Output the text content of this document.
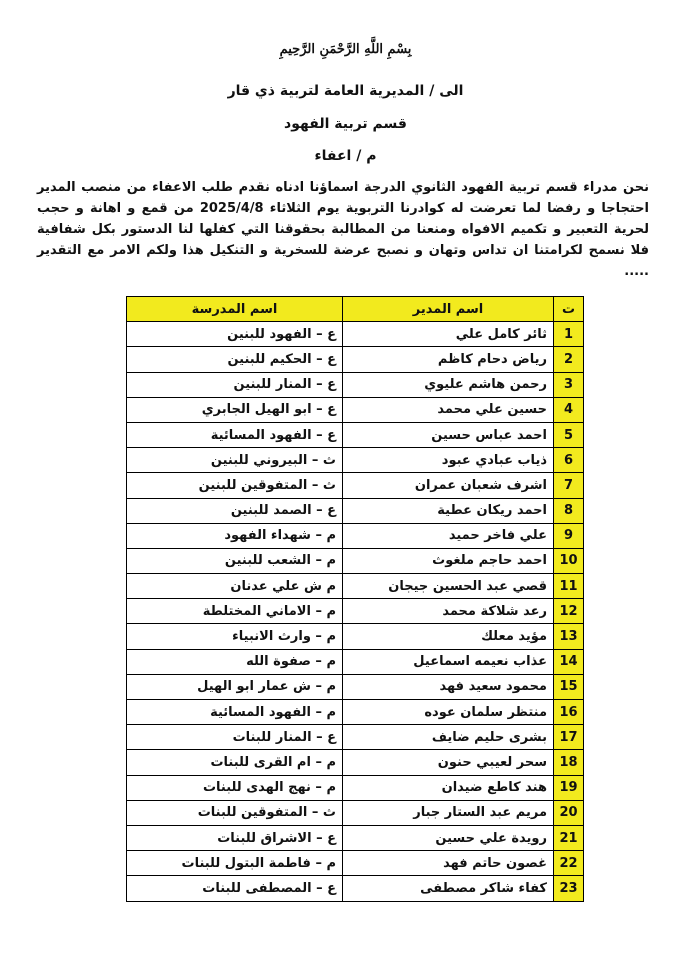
بِسْمِ اللَّهِ الرَّحْمَنِ الرَّحِيمِ
الى / المديرية العامة لتربية ذي قار
قسم تربية الفهود
م / اعفاء
نحن مدراء قسم تربية الفهود الثانوي الدرجة اسماؤنا ادناه نقدم طلب الاعفاء من منصب المدير احتجاجا و رفضا لما تعرضت له كوادرنا التربوية يوم الثلاثاء 2025/4/8 من قمع و اهانة و حجب لحرية التعبير و تكميم الافواه ومنعنا من المطالبة بحقوقنا التي كفلها لنا الدستور بكل شفافية فلا نسمح لكرامتنا ان تداس وتهان و نصبح عرضة للسخرية و التنكيل هذا ولكم الامر مع التقدير .....
ت	اسم المدير	اسم المدرسة
1	ثائر كامل علي	ع – الفهود للبنين
2	رياض دحام كاظم	ع – الحكيم للبنين
3	رحمن هاشم عليوي	ع – المنار للبنين
4	حسين علي محمد	ع – ابو الهيل الجابري
5	احمد عباس حسين	ع – الفهود المسائية
6	ذياب عبادي عبود	ث – البيروني للبنين
7	اشرف شعبان عمران	ث – المتفوقين للبنين
8	احمد ريكان عطية	ع – الصمد للبنين
9	علي فاخر حميد	م – شهداء الفهود
10	احمد حاجم ملغوث	م – الشعب للبنين
11	قصي عبد الحسين جيجان	م ش علي عدنان
12	رعد شلاكة محمد	م – الاماني المختلطة
13	مؤيد معلك	م – وارث الانبياء
14	عذاب نعيمه اسماعيل	م – صفوة الله
15	محمود سعيد فهد	م – ش عمار ابو الهيل
16	منتظر سلمان عوده	م – الفهود المسائية
17	بشرى حليم ضايف	ع – المنار للبنات
18	سحر لعيبي حنون	م – ام القرى للبنات
19	هند كاطع ضيدان	م – نهج الهدى للبنات
20	مريم عبد الستار جبار	ث – المتفوقين للبنات
21	رويدة علي حسين	ع – الاشراق للبنات
22	غصون حاتم فهد	م – فاطمة البتول للبنات
23	كفاء شاكر مصطفى	ع – المصطفى للبنات
